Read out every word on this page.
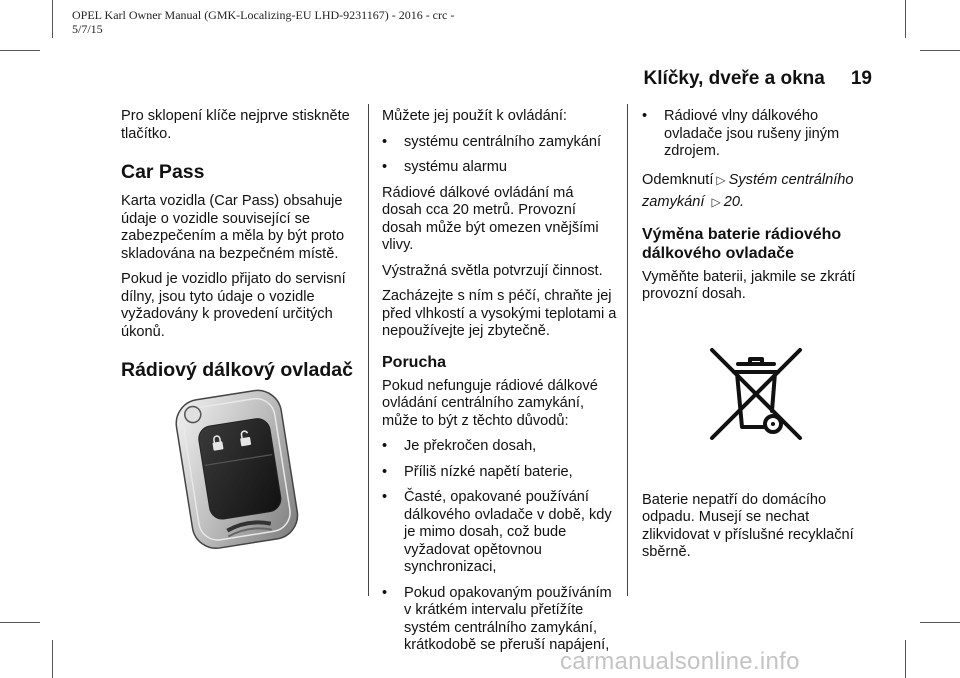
OPEL Karl Owner Manual (GMK-Localizing-EU LHD-9231167) - 2016 - crc -
5/7/15
Klíčky, dveře a okna 19

Pro sklopení klíče nejprve stiskněte tlačítko.

Car Pass

Karta vozidla (Car Pass) obsahuje údaje o vozidle související se zabezpečením a měla by být proto skladována na bezpečném místě.

Pokud je vozidlo přijato do servisní dílny, jsou tyto údaje o vozidle vyžadovány k provedení určitých úkonů.

Rádiový dálkový ovladač

Můžete jej použít k ovládání:

• systému centrálního zamykání
• systému alarmu

Rádiové dálkové ovládání má dosah cca 20 metrů. Provozní dosah může být omezen vnějšími vlivy.

Výstražná světla potvrzují činnost.

Zacházejte s ním s péčí, chraňte jej před vlhkostí a vysokými teplotami a nepoužívejte jej zbytečně.

Porucha

Pokud nefunguje rádiové dálkové ovládání centrálního zamykání, může to být z těchto důvodů:

• Je překročen dosah,
• Příliš nízké napětí baterie,
• Časté, opakované používání dálkového ovladače v době, kdy je mimo dosah, což bude vyžadovat opětovnou synchronizaci,
• Pokud opakovaným používáním v krátkém intervalu přetížíte systém centrálního zamykání, krátkodobě se přeruší napájení,
• Rádiové vlny dálkového ovladače jsou rušeny jiným zdrojem.

Odemknutí ▷ Systém centrálního zamykání ▷ 20.

Výměna baterie rádiového dálkového ovladače

Vyměňte baterii, jakmile se zkrátí provozní dosah.

Baterie nepatří do domácího odpadu. Musejí se nechat zlikvidovat v příslušné recyklační sběrně.

carmanualsonline.info
